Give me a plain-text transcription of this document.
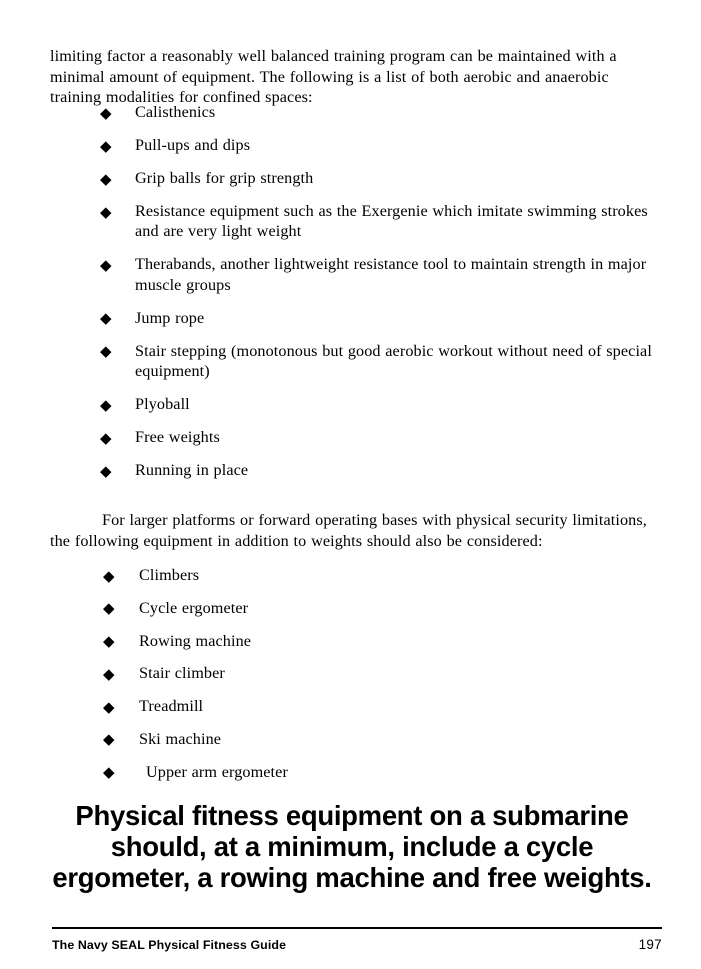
limiting factor a reasonably well balanced training program can be maintained with a minimal amount of equipment. The following is a list of both aerobic and anaerobic training modalities for confined spaces:

◆ Calisthenics
◆ Pull-ups and dips
◆ Grip balls for grip strength
◆ Resistance equipment such as the Exergenie which imitate swimming strokes and are very light weight
◆ Therabands, another lightweight resistance tool to maintain strength in major muscle groups
◆ Jump rope
◆ Stair stepping (monotonous but good aerobic workout without need of special equipment)
◆ Plyoball
◆ Free weights
◆ Running in place

For larger platforms or forward operating bases with physical security limitations, the following equipment in addition to weights should also be considered:

◆ Climbers
◆ Cycle ergometer
◆ Rowing machine
◆ Stair climber
◆ Treadmill
◆ Ski machine
◆ Upper arm ergometer
Physical fitness equipment on a submarine
should, at a minimum, include a cycle
ergometer, a rowing machine and free weights.
The Navy SEAL Physical Fitness Guide	197
